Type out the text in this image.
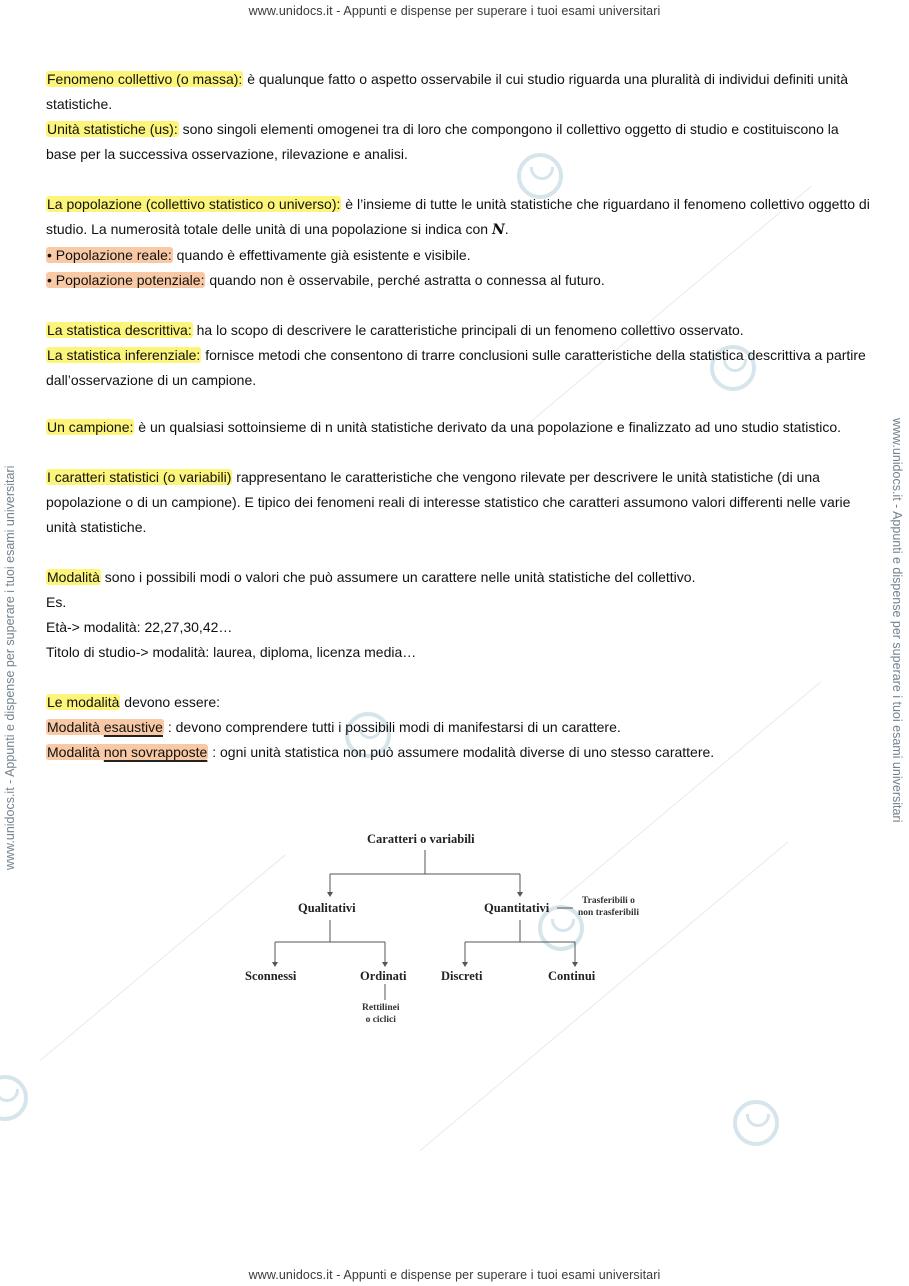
www.unidocs.it - Appunti e dispense per superare i tuoi esami universitari
www.unidocs.it - Appunti e dispense per superare i tuoi esami universitari
www.unidocs.it - Appunti e dispense per superare i tuoi esami universitari	www.unidocs.it - Appunti e dispense per superare i tuoi esami universitari

Fenomeno collettivo (o massa): è qualunque fatto o aspetto osservabile il cui studio riguarda una pluralità di individui definiti unità statistiche.

Unità statistiche (us): sono singoli elementi omogenei tra di loro che compongono il collettivo oggetto di studio e costituiscono la base per la successiva osservazione, rilevazione e analisi.

La popolazione (collettivo statistico o universo): è l’insieme di tutte le unità statistiche che riguardano il fenomeno collettivo oggetto di studio. La numerosità totale delle unità di una popolazione si indica con N.

• Popolazione reale: quando è effettivamente già esistente e visibile.

• Popolazione potenziale: quando non è osservabile, perché astratta o connessa al futuro.

La statistica descrittiva: ha lo scopo di descrivere le caratteristiche principali di un fenomeno collettivo osservato.

La statistica inferenziale: fornisce metodi che consentono di trarre conclusioni sulle caratteristiche della statistica descrittiva a partire dall’osservazione di un campione.

Un campione: è un qualsiasi sottoinsieme di n unità statistiche derivato da una popolazione e finalizzato ad uno studio statistico.

I caratteri statistici (o variabili) rappresentano le caratteristiche che vengono rilevate per descrivere le unità statistiche (di una popolazione o di un campione). E tipico dei fenomeni reali di interesse statistico che caratteri assumono valori differenti nelle varie unità statistiche.

Modalità sono i possibili modi o valori che può assumere un carattere nelle unità statistiche del collettivo.

Es.

Età-> modalità: 22,27,30,42…

Titolo di studio-> modalità: laurea, diploma, licenza media…

Le modalità devono essere:

Modalità esaustive : devono comprendere tutti i possibili modi di manifestarsi di un carattere.

Modalità non sovrapposte : ogni unità statistica non può assumere modalità diverse di uno stesso carattere.

Caratteri o variabili
Qualitativi	Quantitativi	Trasferibili o
non trasferibili
Sconnessi	Ordinati	Discreti	Continui
Rettilinei
o ciclici
